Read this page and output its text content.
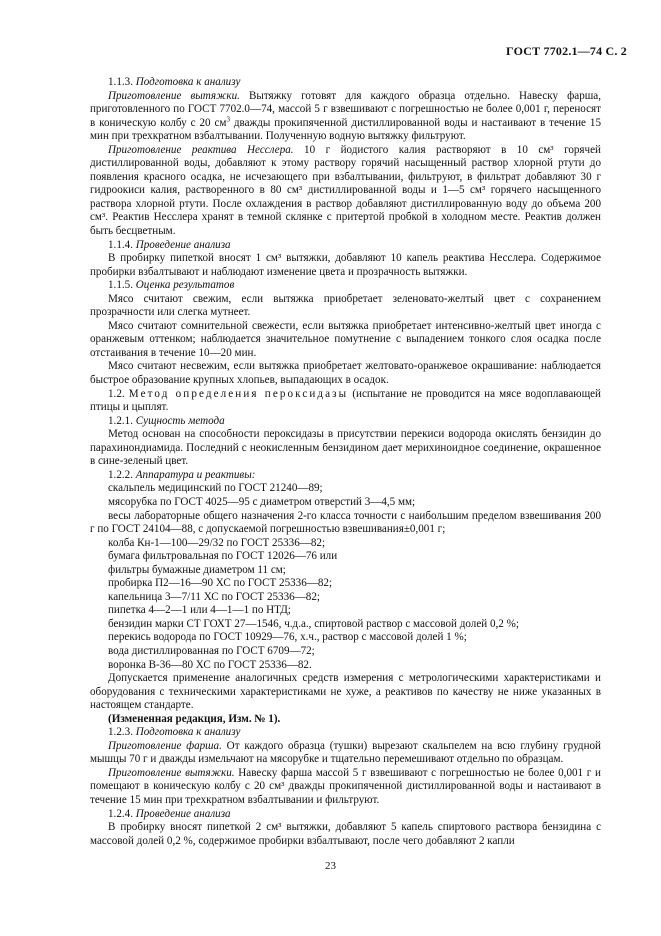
ГОСТ 7702.1—74 С. 2

1.1.3. Подготовка к анализу

Приготовление вытяжки. Вытяжку готовят для каждого образца отдельно. Навеску фарша, приготовленного по ГОСТ 7702.0—74, массой 5 г взвешивают с погрешностью не более 0,001 г, переносят в коническую колбу с 20 $см^3$ дважды прокипяченной дистиллированной воды и настаивают в течение 15 мин при трехкратном взбалтывании. Полученную водную вытяжку фильтруют.

Приготовление реактива Несслера. 10 г йодистого калия растворяют в 10 см³ горячей дистиллированной воды, добавляют к этому раствору горячий насыщенный раствор хлорной ртути до появления красного осадка, не исчезающего при взбалтывании, фильтруют, в фильтрат добавляют 30 г гидроокиси калия, растворенного в 80 см³ дистиллированной воды и 1—5 см³ горячего насыщенного раствора хлорной ртути. После охлаждения в раствор добавляют дистиллированную воду до объема 200 см³. Реактив Несслера хранят в темной склянке с притертой пробкой в холодном месте. Реактив должен быть бесцветным.

1.1.4. Проведение анализа

В пробирку пипеткой вносят 1 см³ вытяжки, добавляют 10 капель реактива Несслера. Содержимое пробирки взбалтывают и наблюдают изменение цвета и прозрачность вытяжки.

1.1.5. Оценка результатов

Мясо считают свежим, если вытяжка приобретает зеленовато-желтый цвет с сохранением прозрачности или слегка мутнеет.

Мясо считают сомнительной свежести, если вытяжка приобретает интенсивно-желтый цвет иногда с оранжевым оттенком; наблюдается значительное помутнение с выпадением тонкого слоя осадка после отстаивания в течение 10—20 мин.

Мясо считают несвежим, если вытяжка приобретает желтовато-оранжевое окрашивание: наблюдается быстрое образование крупных хлопьев, выпадающих в осадок.

1.2. Метод определения пероксидазы (испытание не проводится на мясе водоплавающей птицы и цыплят.

1.2.1. Сущность метода

Метод основан на способности пероксидазы в присутствии перекиси водорода окислять бензидин до парахинондиамида. Последний с неокисленным бензидином дает мерихиноидное соединение, окрашенное в сине-зеленый цвет.

1.2.2. Аппаратура и реактивы:

скальпель медицинский по ГОСТ 21240—89;

мясорубка по ГОСТ 4025—95 с диаметром отверстий 3—4,5 мм;

весы лабораторные общего назначения 2-го класса точности с наибольшим пределом взвешивания 200 г по ГОСТ 24104—88, с допускаемой погрешностью взвешивания±0,001 г;

колба Кн-1—100—29/32 по ГОСТ 25336—82;

бумага фильтровальная по ГОСТ 12026—76 или

фильтры бумажные диаметром 11 см;

пробирка П2—16—90 ХС по ГОСТ 25336—82;

капельница 3—7/11 ХС по ГОСТ 25336—82;

пипетка 4—2—1 или 4—1—1 по НТД;

бензидин марки СТ ГОХТ 27—1546, ч.д.а., спиртовой раствор с массовой долей 0,2 %;

перекись водорода по ГОСТ 10929—76, х.ч., раствор с массовой долей 1 %;

вода дистиллированная по ГОСТ 6709—72;

воронка В-36—80 ХС по ГОСТ 25336—82.

Допускается применение аналогичных средств измерения с метрологическими характеристиками и оборудования с техническими характеристиками не хуже, а реактивов по качеству не ниже указанных в настоящем стандарте.

(Измененная редакция, Изм. № 1).

1.2.3. Подготовка к анализу

Приготовление фарша. От каждого образца (тушки) вырезают скальпелем на всю глубину грудной мышцы 70 г и дважды измельчают на мясорубке и тщательно перемешивают отдельно по образцам.

Приготовление вытяжки. Навеску фарша массой 5 г взвешивают с погрешностью не более 0,001 г и помещают в коническую колбу с 20 см³ дважды прокипяченной дистиллированной воды и настаивают в течение 15 мин при трехкратном взбалтывании и фильтруют.

1.2.4. Проведение анализа

В пробирку вносят пипеткой 2 см³ вытяжки, добавляют 5 капель спиртового раствора бензидина с массовой долей 0,2 %, содержимое пробирки взбалтывают, после чего добавляют 2 капли

23
